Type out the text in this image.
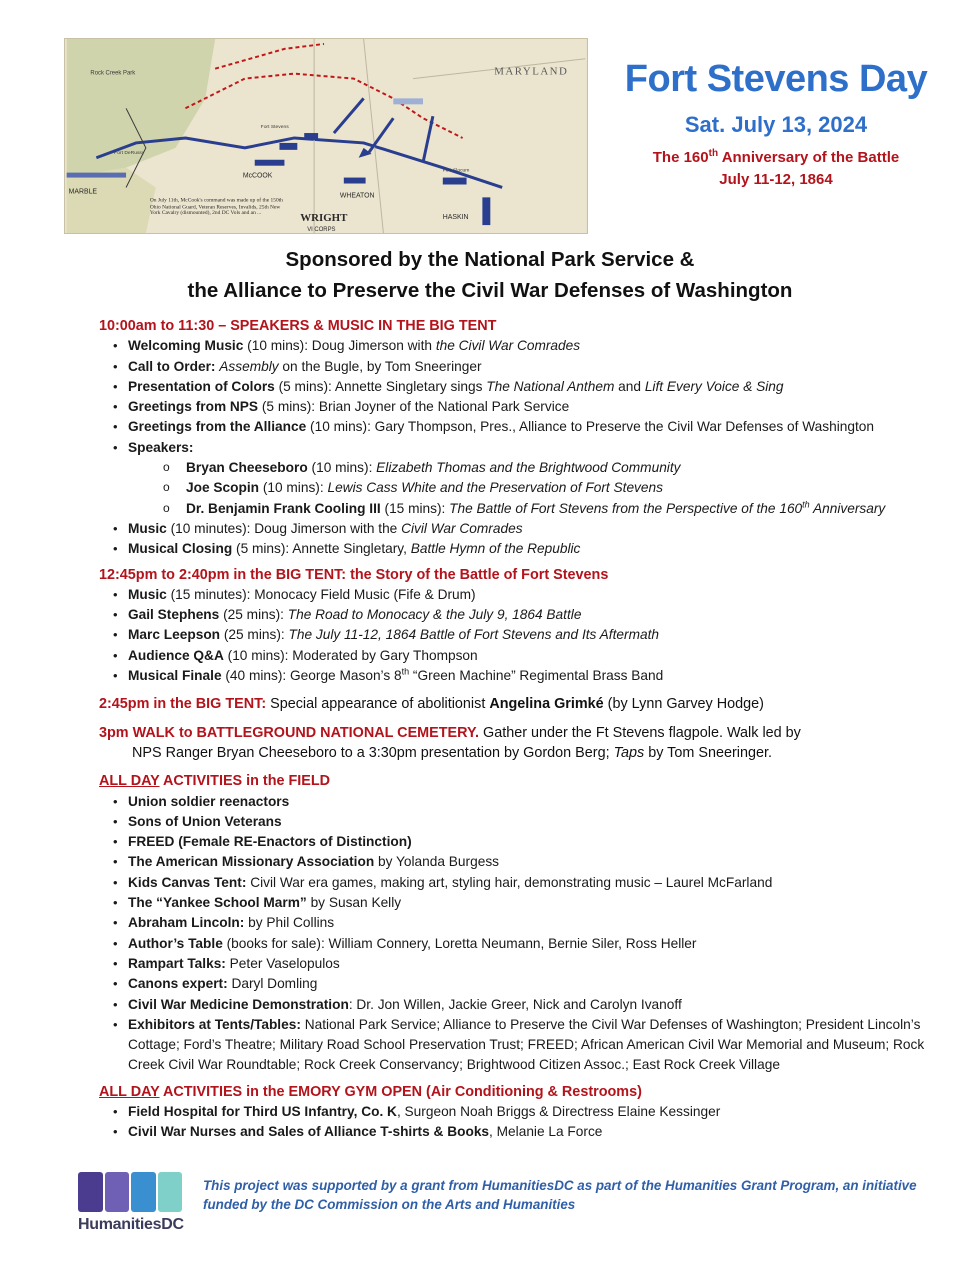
MARYLAND
Rock Creek Park
Fort Stevens
Fort Slocum
Fort DeRussy
McCOOK
WHEATON
WRIGHT
VI CORPS
HASKIN
MARBLE
On July 11th, McCook's command was made up of the 150th Ohio National Guard, Veteran Reserves, Invalids, 25th New York Cavalry (dismounted), 2nd DC Vols and an ...
Fort Stevens Day
Sat. July 13, 2024
The 160th Anniversary of the Battle
July 11-12, 1864
Sponsored by the National Park Service &
the Alliance to Preserve the Civil War Defenses of Washington
10:00am to 11:30 – SPEAKERS & MUSIC IN THE BIG TENT
• Welcoming Music (10 mins): Doug Jimerson with the Civil War Comrades
• Call to Order: Assembly on the Bugle, by Tom Sneeringer
• Presentation of Colors (5 mins): Annette Singletary sings The National Anthem and Lift Every Voice & Sing
• Greetings from NPS (5 mins): Brian Joyner of the National Park Service
• Greetings from the Alliance (10 mins): Gary Thompson, Pres., Alliance to Preserve the Civil War Defenses of Washington
• Speakers:
o Bryan Cheeseboro (10 mins): Elizabeth Thomas and the Brightwood Community
o Joe Scopin (10 mins): Lewis Cass White and the Preservation of Fort Stevens
o Dr. Benjamin Frank Cooling III (15 mins): The Battle of Fort Stevens from the Perspective of the 160th Anniversary
• Music (10 minutes): Doug Jimerson with the Civil War Comrades
• Musical Closing (5 mins): Annette Singletary, Battle Hymn of the Republic
12:45pm to 2:40pm in the BIG TENT: the Story of the Battle of Fort Stevens
• Music (15 minutes): Monocacy Field Music (Fife & Drum)
• Gail Stephens (25 mins): The Road to Monocacy & the July 9, 1864 Battle
• Marc Leepson (25 mins): The July 11-12, 1864 Battle of Fort Stevens and Its Aftermath
• Audience Q&A (10 mins): Moderated by Gary Thompson
• Musical Finale (40 mins): George Mason’s 8th “Green Machine” Regimental Brass Band
2:45pm in the BIG TENT: Special appearance of abolitionist Angelina Grimké (by Lynn Garvey Hodge)
3pm WALK to BATTLEGROUND NATIONAL CEMETERY. Gather under the Ft Stevens flagpole. Walk led by
NPS Ranger Bryan Cheeseboro to a 3:30pm presentation by Gordon Berg; Taps by Tom Sneeringer.
ALL DAY ACTIVITIES in the FIELD
• Union soldier reenactors
• Sons of Union Veterans
• FREED (Female RE-Enactors of Distinction)
• The American Missionary Association by Yolanda Burgess
• Kids Canvas Tent: Civil War era games, making art, styling hair, demonstrating music – Laurel McFarland
• The “Yankee School Marm” by Susan Kelly
• Abraham Lincoln: by Phil Collins
• Author’s Table (books for sale): William Connery, Loretta Neumann, Bernie Siler, Ross Heller
• Rampart Talks: Peter Vaselopulos
• Canons expert: Daryl Domling
• Civil War Medicine Demonstration: Dr. Jon Willen, Jackie Greer, Nick and Carolyn Ivanoff
• Exhibitors at Tents/Tables: National Park Service; Alliance to Preserve the Civil War Defenses of Washington; President Lincoln’s Cottage; Ford’s Theatre; Military Road School Preservation Trust; FREED; African American Civil War Memorial and Museum; Rock Creek Civil War Roundtable; Rock Creek Conservancy; Brightwood Citizen Assoc.; East Rock Creek Village
ALL DAY ACTIVITIES in the EMORY GYM OPEN (Air Conditioning & Restrooms)
• Field Hospital for Third US Infantry, Co. K, Surgeon Noah Briggs & Directress Elaine Kessinger
• Civil War Nurses and Sales of Alliance T-shirts & Books, Melanie La Force
HumanitiesDC
This project was supported by a grant from HumanitiesDC as part of the Humanities Grant Program, an initiative funded by the DC Commission on the Arts and Humanities
